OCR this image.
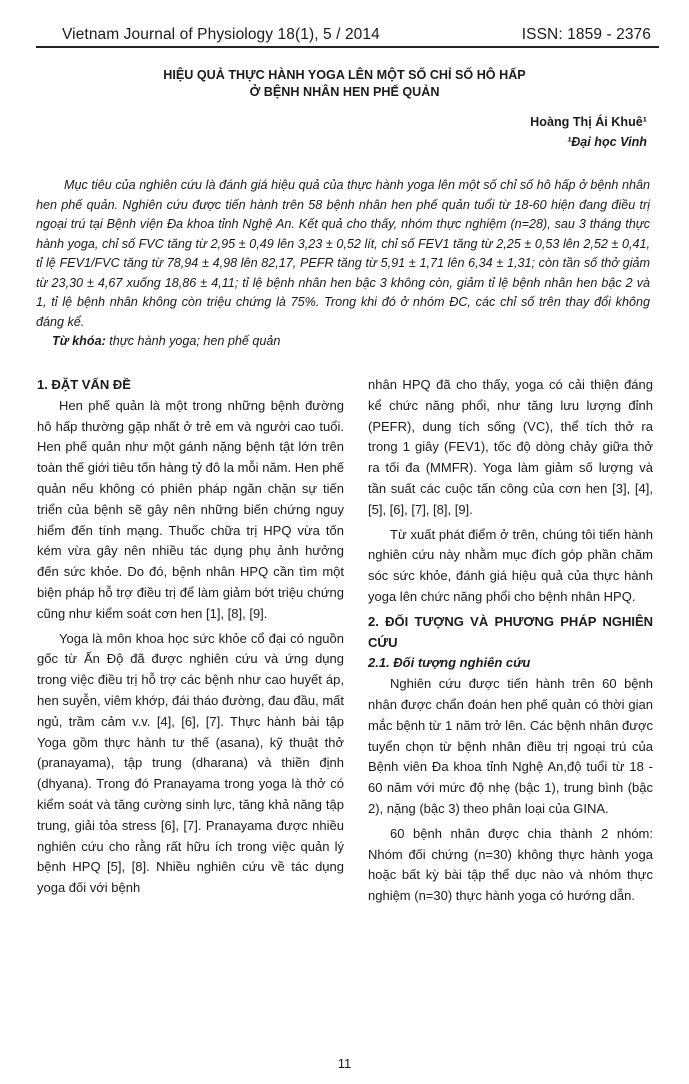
Vietnam Journal of Physiology 18(1), 5 / 2014	ISSN: 1859 - 2376
HIỆU QUẢ THỰC HÀNH YOGA LÊN MỘT SỐ CHỈ SỐ HÔ HẤP
Ở BỆNH NHÂN HEN PHẾ QUẢN
Hoàng Thị Ái Khuê¹
¹Đại học Vinh

Mục tiêu của nghiên cứu là đánh giá hiệu quả của thực hành yoga lên một số chỉ số hô hấp ở bệnh nhân hen phế quản. Nghiên cứu được tiến hành trên 58 bệnh nhân hen phế quản tuổi từ 18-60 hiện đang điều trị ngoại trú tại Bệnh viện Đa khoa tỉnh Nghệ An. Kết quả cho thấy, nhóm thực nghiệm (n=28), sau 3 tháng thực hành yoga, chỉ số FVC tăng từ 2,95 ± 0,49 lên 3,23 ± 0,52 lít, chỉ số FEV1 tăng từ 2,25 ± 0,53 lên 2,52 ± 0,41, tỉ lệ FEV1/FVC tăng từ 78,94 ± 4,98 lên 82,17, PEFR tăng từ 5,91 ± 1,71 lên 6,34 ± 1,31; còn tần số thở giảm từ 23,30 ± 4,67 xuống 18,86 ± 4,11; tỉ lệ bệnh nhân hen bậc 3 không còn, giảm tỉ lệ bệnh nhân hen bậc 2 và 1, tỉ lệ bệnh nhân không còn triệu chứng là 75%. Trong khi đó ở nhóm ĐC, các chỉ số trên thay đổi không đáng kể.

Từ khóa: thực hành yoga; hen phế quản

1. ĐẶT VẤN ĐỀ

Hen phế quản là một trong những bệnh đường hô hấp thường gặp nhất ở trẻ em và người cao tuổi. Hen phế quản như một gánh nặng bệnh tật lớn trên toàn thế giới tiêu tốn hàng tỷ đô la mỗi năm. Hen phế quản nếu không có phiên pháp ngăn chặn sự tiến triển của bệnh sẽ gây nên những biến chứng nguy hiểm đến tính mạng. Thuốc chữa trị HPQ vừa tốn kém vừa gây nên nhiều tác dụng phụ ảnh hưởng đến sức khỏe. Do đó, bệnh nhân HPQ cần tìm một biện pháp hỗ trợ điều trị để làm giảm bớt triệu chứng cũng như kiểm soát cơn hen [1], [8], [9].

Yoga là môn khoa học sức khỏe cổ đại có nguồn gốc từ Ấn Độ đã được nghiên cứu và ứng dụng trong việc điều trị hỗ trợ các bệnh như cao huyết áp, hen suyễn, viêm khớp, đái tháo đường, đau đầu, mất ngủ, trầm cảm v.v. [4], [6], [7]. Thực hành bài tập Yoga gồm thực hành tư thế (asana), kỹ thuật thở (pranayama), tập trung (dharana) và thiền định (dhyana). Trong đó Pranayama trong yoga là thở có kiểm soát và tăng cường sinh lực, tăng khả năng tập trung, giải tỏa stress [6], [7]. Pranayama được nhiều nghiên cứu cho rằng rất hữu ích trong việc quản lý bệnh HPQ [5], [8]. Nhiều nghiên cứu về tác dụng yoga đối với bệnh

nhân HPQ đã cho thấy, yoga có cải thiện đáng kể chức năng phổi, như tăng lưu lượng đỉnh (PEFR), dung tích sống (VC), thể tích thở ra trong 1 giây (FEV1), tốc độ dòng chảy giữa thở ra tối đa (MMFR). Yoga làm giảm số lượng và tần suất các cuộc tấn công của cơn hen [3], [4], [5], [6], [7], [8], [9].

Từ xuất phát điểm ở trên, chúng tôi tiến hành nghiên cứu này nhằm mục đích góp phần chăm sóc sức khỏe, đánh giá hiệu quả của thực hành yoga lên chức năng phổi cho bệnh nhân HPQ.

2. ĐỐI TƯỢNG VÀ PHƯƠNG PHÁP NGHIÊN CỨU
2.1. Đối tượng nghiên cứu

Nghiên cứu được tiến hành trên 60 bệnh nhân được chẩn đoán hen phế quản có thời gian mắc bệnh từ 1 năm trở lên. Các bệnh nhân được tuyển chọn từ bệnh nhân điều trị ngoại trú của Bệnh viên Đa khoa tỉnh Nghệ An,độ tuổi từ 18 - 60 năm với mức độ nhẹ (bậc 1), trung bình (bậc 2), nặng (bậc 3) theo phân loại của GINA.

60 bệnh nhân được chia thành 2 nhóm: Nhóm đối chứng (n=30) không thực hành yoga hoặc bất kỳ bài tập thể dục nào và nhóm thực nghiệm (n=30) thực hành yoga có hướng dẫn.

11
